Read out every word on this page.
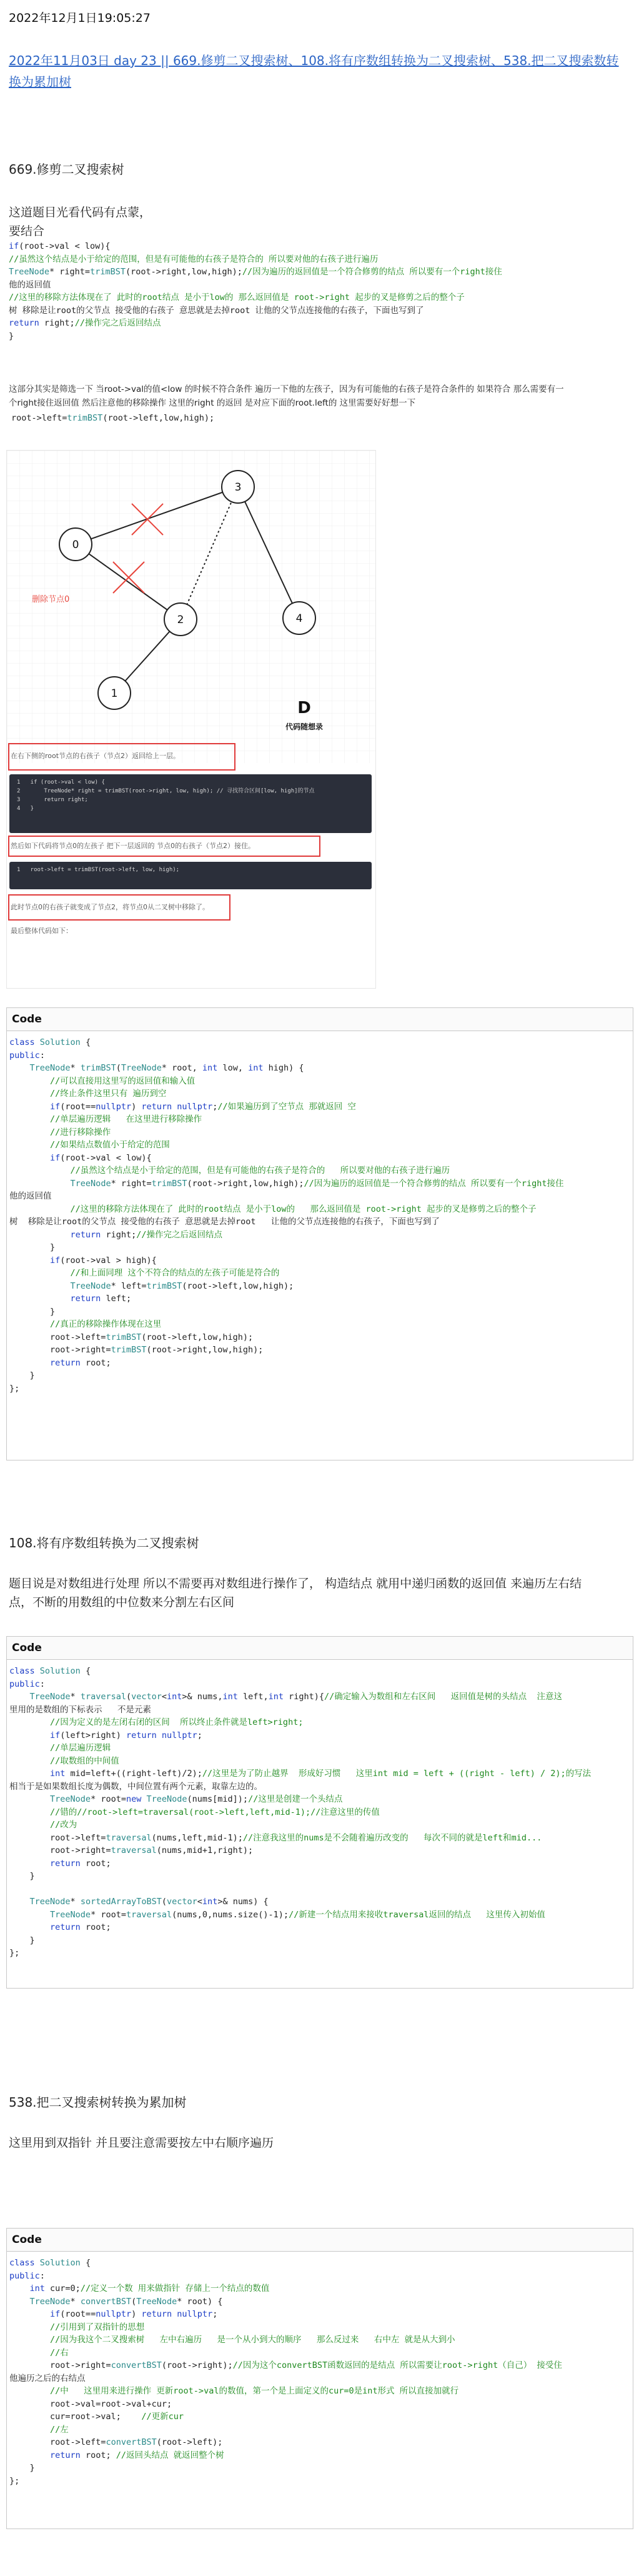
2022年12月1日19:05:27
2022年11月03日 day 23 || 669.修剪二叉搜索树、108.将有序数组转换为二叉搜索树、538.把二叉搜索数转换为累加树
669.修剪二叉搜索树
这道题目光看代码有点蒙，
要结合
if(root->val < low){
//虽然这个结点是小于给定的范围，但是有可能他的右孩子是符合的 所以要对他的右孩子进行遍历
TreeNode* right=trimBST(root->right,low,high);//因为遍历的返回值是一个符合修剪的结点 所以要有一个right接住
他的返回值
//这里的移除方法体现在了 此时的root结点 是小于low的 那么返回值是 root->right 起步的叉是修剪之后的整个子
树 移除是让root的父节点 接受他的右孩子 意思就是去掉root 让他的父节点连接他的右孩子，下面也写到了
return right;//操作完之后返回结点
}
这部分其实是筛选一下 当root->val的值<low 的时候不符合条件 遍历一下他的左孩子，因为有可能他的右孩子是符合条件的 如果符合 那么需要有一
个right接住返回值 然后注意他的移除操作 这里的right 的返回 是对应下面的root.left的 这里需要好好想一下
root->left=trimBST(root->left,low,high);
3
0
2	4
1
删除节点0
D
代码随想录
在右下侧的root节点的右孩子（节点2）返回给上一层。
1   if (root->val < low) {
2       TreeNode* right = trimBST(root->right, low, high); // 寻找符合区间[low, high]的节点
3       return right;
4   }
然后如下代码将节点0的左孩子 把下一层返回的 节点0的右孩子（节点2）接住。
1   root->left = trimBST(root->left, low, high);
此时节点0的右孩子就变成了节点2，将节点0从二叉树中移除了。
最后整体代码如下：
Code
class Solution {
public:
TreeNode* trimBST(TreeNode* root, int low, int high) {
//可以直接用这里写的返回值和输入值
//终止条件这里只有 遍历到空
if(root==nullptr) return nullptr;//如果遍历到了空节点 那就返回 空
//单层遍历逻辑   在这里进行移除操作
//进行移除操作
//如果结点数值小于给定的范围
if(root->val < low){
//虽然这个结点是小于给定的范围，但是有可能他的右孩子是符合的   所以要对他的右孩子进行遍历
TreeNode* right=trimBST(root->right,low,high);//因为遍历的返回值是一个符合修剪的结点 所以要有一个right接住
他的返回值
//这里的移除方法体现在了 此时的root结点 是小于low的   那么返回值是 root->right 起步的叉是修剪之后的整个子
树  移除是让root的父节点 接受他的右孩子 意思就是去掉root   让他的父节点连接他的右孩子，下面也写到了
return right;//操作完之后返回结点
}
if(root->val > high){
//和上面同理 这个不符合的结点的左孩子可能是符合的
TreeNode* left=trimBST(root->left,low,high);
return left;
}
//真正的移除操作体现在这里
root->left=trimBST(root->left,low,high);
root->right=trimBST(root->right,low,high);
return root;
}
};
108.将有序数组转换为二叉搜索树
题目说是对数组进行处理 所以不需要再对数组进行操作了， 构造结点 就用中递归函数的返回值 来遍历左右结
点，不断的用数组的中位数来分割左右区间
Code
class Solution {
public:
TreeNode* traversal(vector<int>& nums,int left,int right){//确定输入为数组和左右区间   返回值是树的头结点  注意这
里用的是数组的下标表示   不是元素
//因为定义的是左闭右闭的区间  所以终止条件就是left>right;
if(left>right) return nullptr;
//单层遍历逻辑
//取数组的中间值
int mid=left+((right-left)/2);//这里是为了防止越界  形成好习惯   这里int mid = left + ((right - left) / 2);的写法
相当于是如果数组长度为偶数，中间位置有两个元素，取靠左边的。
TreeNode* root=new TreeNode(nums[mid]);//这里是创建一个头结点
//错的//root->left=traversal(root->left,left,mid-1);//注意这里的传值
//改为
root->left=traversal(nums,left,mid-1);//注意我这里的nums是不会随着遍历改变的   每次不同的就是left和mid...
root->right=traversal(nums,mid+1,right);
return root;
}

TreeNode* sortedArrayToBST(vector<int>& nums) {
TreeNode* root=traversal(nums,0,nums.size()-1);//新建一个结点用来接收traversal返回的结点   这里传入初始值
return root;
}
};
538.把二叉搜索树转换为累加树
这里用到双指针 并且要注意需要按左中右顺序遍历
Code
class Solution {
public:
int cur=0;//定义一个数 用来做指针 存储上一个结点的数值
TreeNode* convertBST(TreeNode* root) {
if(root==nullptr) return nullptr;
//引用到了双指针的思想
//因为我这个二叉搜索树   左中右遍历   是一个从小到大的顺序   那么反过来   右中左 就是从大到小
//右
root->right=convertBST(root->right);//因为这个convertBST函数返回的是结点 所以需要让root->right（自己） 接受住
他遍历之后的右结点
//中   这里用来进行操作 更新root->val的数值，第一个是上面定义的cur=0是int形式 所以直接加就行
root->val=root->val+cur;
cur=root->val;    //更新cur
//左
root->left=convertBST(root->left);
return root; //返回头结点 就返回整个树
}
};
